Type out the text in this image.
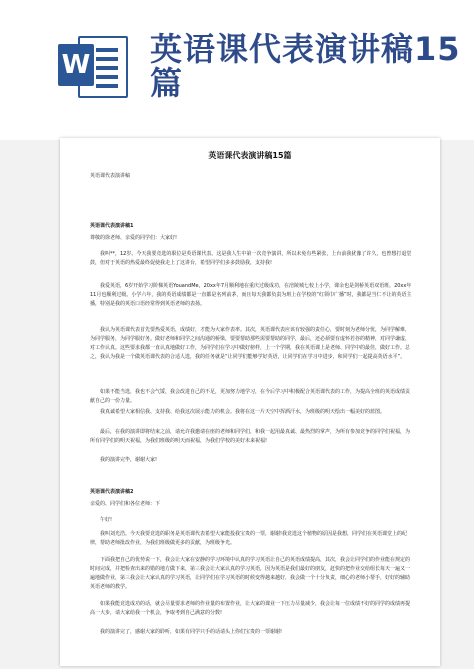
W 英语课代表演讲稿15篇
英语课代表演讲稿15篇

英语课代表演讲稿

英语课代表演讲稿1

尊敬的徐老师、亲爱的同学们：大家好!

我叫**，12岁。今天我要竞选的职位是英语课代表。这是我人生中第一次竞争演讲，所以未免有些紧张，上台前我犹豫了许久，也曾想打退堂鼓，但对于英语的热爱最终促使我走上了这讲台，希望同学们多多鼓励我，支持我!

我爱英语，6岁开始学习阶梯英语YouandMe，20xx年7月顺利地在重庆过级成功，在涪陵城七校上小学，课余也是剑桥英语双语班，20xx年11月也顺利过级。小学六年，我的英语成绩都是一直都是名列前茅，而且每天我都负责为班上在学校的“红领巾广播”时，我都是当仁不让的英语主播，特别是我的英语口语经常得到英语老师的表扬。

我认为英语课代表首先要热爱英语，成绩好，才能为大家作表率。其次，英语课代表应该有较强的责任心，要时刻为老师分忧，为同学解难，为同学服务，为同学服好务。做好老师和同学之间沟通的桥梁，要要帮助那些需要帮助的同学，最后，还必须要有虚怀若谷的精神，对同学谦虚，对工作认真。这些要求我都一直认真地做好工作，为同学们在学习中做好榜样，上一个学期，我在英语课上是老师、同学中的最佳，做好工作。总之，我认为我是一个做英语课代表的合适人选，我的任务就是“让同学们能够学好英语，让同学们在学习中进步，和同学们一起提高英语水平”。

如果不能当选，我也不会气馁，我会改进自己的不足，更加努力地学习，在今后学习中积极配合英语课代表的工作，为提高全班的英语成绩贡献自己的一份力量。

我真诚希望大家相信我、支持我、给我这次展示能力的机会。我将在这一片天空中挥洒汗水，为班级的明天绘出一幅美好的蓝图。

最后，在我的演讲即将结束之前，请允许我邀请在座的老师和同学们，和我一起用最真诚、最热烈的掌声，为所有参加竞争的同学们祝福，为所有同学们的明天祝福，为我们班级的明天而祝福，为我们学校的美好未来祝福!

我的演讲完毕，谢谢大家!

英语课代表演讲稿2

亲爱的、同学们和各位老师：下

午好!

我叫刘光浩。今天我要竞选的职务是英语课代表希望大家能投我宝贵的一票，谢谢!我竞选这个植物的原因是我想，同学们在英语课堂上的纪律，帮助老师批改作业，为我们班级做更多的贡献，为班级争光。

下面我把自己的优势说一下，我会让大家在安静的学习环境中认真的学习英语让自己的英语成绩提高，其次，我会让同学们的作业能在规定的时间完成，并把检查出来的错的地方做下来，第三我会让大家认真的学习英语，因为英语是我们最好的朋友，赶快的把作业交给组长每天一遍又一遍地做作业，第三我会让大家认真的学习英语，让同学们在学习英语的时候变得越来越好，我会做一个十分负责，细心的老师小帮手，好好的辅助英语老师的教学。

如果我能竞选成功的话，就会尽量要求老师的作业量的布置作业，让大家的课业一下压力尽量减少，我会让每一位成绩不好的同学的成绩再提高一大步，请大家给我一个机会，争取考到自己满意的分数!

我的演讲完了，感谢大家的聆听，如果有同学只手的话请头上你们宝贵的一票谢谢!
